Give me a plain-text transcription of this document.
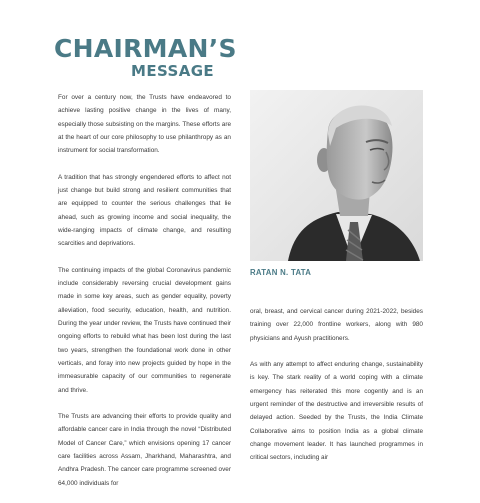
CHAIRMAN’S
MESSAGE

For over a century now, the Trusts have endeavored to achieve lasting positive change in the lives of many, especially those subsisting on the margins. These efforts are at the heart of our core philosophy to use philanthropy as an instrument for social transformation.

A tradition that has strongly engendered efforts to affect not just change but build strong and resilient communities that are equipped to counter the serious challenges that lie ahead, such as growing income and social inequality, the wide-ranging impacts of climate change, and resulting scarcities and deprivations.

The continuing impacts of the global Coronavirus pandemic include considerably reversing crucial development gains made in some key areas, such as gender equality, poverty alleviation, food security, education, health, and nutrition. During the year under review, the Trusts have continued their ongoing efforts to rebuild what has been lost during the last two years, strengthen the foundational work done in other verticals, and foray into new projects guided by hope in the immeasurable capacity of our communities to regenerate and thrive.

The Trusts are advancing their efforts to provide quality and affordable cancer care in India through the novel “Distributed Model of Cancer Care,” which envisions opening 17 cancer care facilities across Assam, Jharkhand, Maharashtra, and Andhra Pradesh. The cancer care programme screened over 64,000 individuals for

RATAN N. TATA

oral, breast, and cervical cancer during 2021-2022, besides training over 22,000 frontline workers, along with 980 physicians and Ayush practitioners.

As with any attempt to affect enduring change, sustainability is key. The stark reality of a world coping with a climate emergency has reiterated this more cogently and is an urgent reminder of the destructive and irreversible results of delayed action. Seeded by the Trusts, the India Climate Collaborative aims to position India as a global climate change movement leader. It has launched programmes in critical sectors, including air
